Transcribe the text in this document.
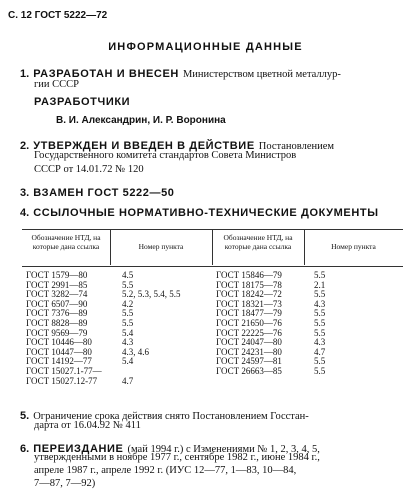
С. 12 ГОСТ 5222—72
ИНФОРМАЦИОННЫЕ ДАННЫЕ
1. РАЗРАБОТАН И ВНЕСЕН Министерством цветной металлур-
гии СССР
РАЗРАБОТЧИКИ
В. И. Александрин, И. Р. Воронина
2. УТВЕРЖДЕН И ВВЕДЕН В ДЕЙСТВИЕ Постановлением
Государственного комитета стандартов Совета Министров
СССР от 14.01.72 № 120
3. ВЗАМЕН ГОСТ 5222—50
4. ССЫЛОЧНЫЕ НОРМАТИВНО-ТЕХНИЧЕСКИЕ ДОКУМЕНТЫ
Обозначение НТД, на которые дана ссылка	Номер пункта
Обозначение НТД, на которые дана ссылка	Номер пункта
ГОСТ 1579—80	4.5
ГОСТ 2991—85	5.5
ГОСТ 3282—74	5.2, 5.3, 5.4, 5.5
ГОСТ 6507—90	4.2
ГОСТ 7376—89	5.5
ГОСТ 8828—89	5.5
ГОСТ 9569—79	5.4
ГОСТ 10446—80	4.3
ГОСТ 10447—80	4.3, 4.6
ГОСТ 14192—77	5.4
ГОСТ 15027.1-77—
ГОСТ 15027.12-77	4.7
ГОСТ 15846—79	5.5
ГОСТ 18175—78	2.1
ГОСТ 18242—72	5.5
ГОСТ 18321—73	4.3
ГОСТ 18477—79	5.5
ГОСТ 21650—76	5.5
ГОСТ 22225—76	5.5
ГОСТ 24047—80	4.3
ГОСТ 24231—80	4.7
ГОСТ 24597—81	5.5
ГОСТ 26663—85	5.5
5. Ограничение срока действия снято Постановлением Госстан-
дарта от 16.04.92 № 411
6. ПЕРЕИЗДАНИЕ (май 1994 г.) с Изменениями № 1, 2, 3, 4, 5,
утвержденными в ноябре 1977 г., сентябре 1982 г., июне 1984 г.,
апреле 1987 г., апреле 1992 г. (ИУС 12—77, 1—83, 10—84,
7—87, 7—92)
